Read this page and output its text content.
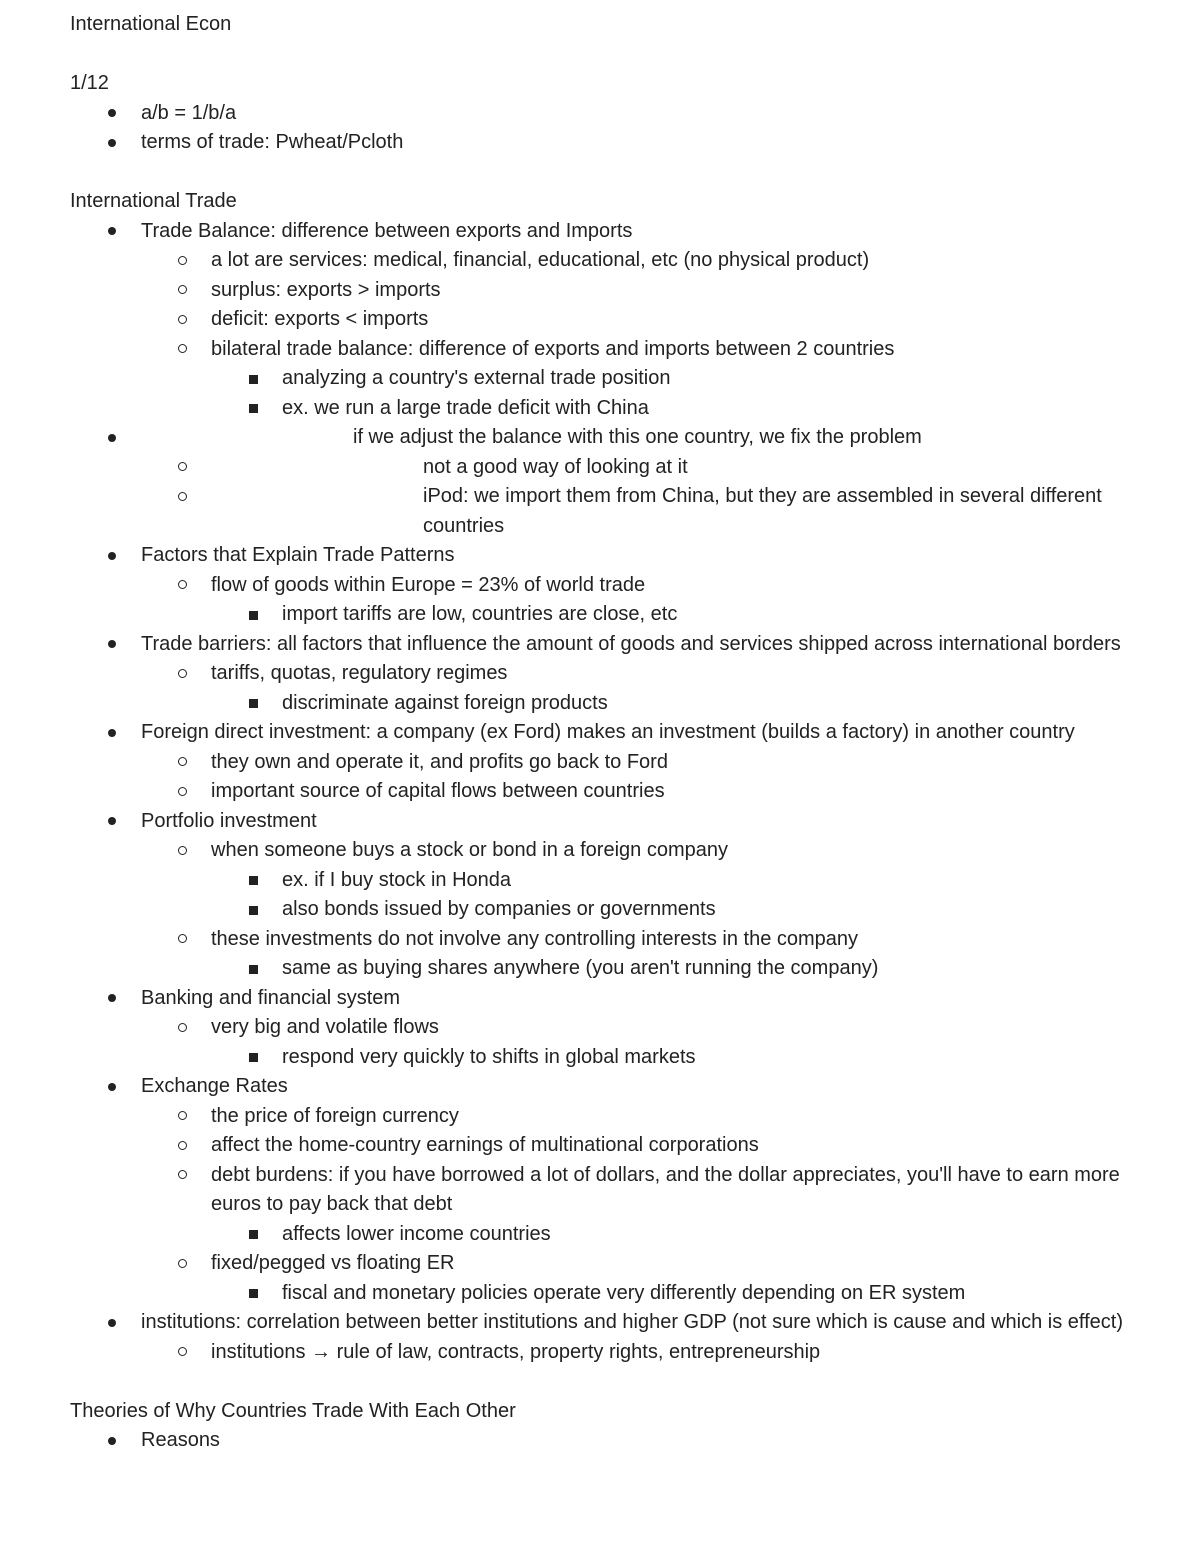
International Econ
1/12
a/b = 1/b/a
terms of trade: Pwheat/Pcloth
International Trade
Trade Balance: difference between exports and Imports
a lot are services: medical, financial, educational, etc (no physical product)
surplus: exports > imports
deficit: exports < imports
bilateral trade balance: difference of exports and imports between 2 countries
analyzing a country's external trade position
ex. we run a large trade deficit with China
if we adjust the balance with this one country, we fix the problem
not a good way of looking at it
iPod: we import them from China, but they are assembled in several different countries
Factors that Explain Trade Patterns
flow of goods within Europe = 23% of world trade
import tariffs are low, countries are close, etc
Trade barriers: all factors that influence the amount of goods and services shipped across international borders
tariffs, quotas, regulatory regimes
discriminate against foreign products
Foreign direct investment: a company (ex Ford) makes an investment (builds a factory) in another country
they own and operate it, and profits go back to Ford
important source of capital flows between countries
Portfolio investment
when someone buys a stock or bond in a foreign company
ex. if I buy stock in Honda
also bonds issued by companies or governments
these investments do not involve any controlling interests in the company
same as buying shares anywhere (you aren't running the company)
Banking and financial system
very big and volatile flows
respond very quickly to shifts in global markets
Exchange Rates
the price of foreign currency
affect the home-country earnings of multinational corporations
debt burdens: if you have borrowed a lot of dollars, and the dollar appreciates, you'll have to earn more euros to pay back that debt
affects lower income countries
fixed/pegged vs floating ER
fiscal and monetary policies operate very differently depending on ER system
institutions: correlation between better institutions and higher GDP (not sure which is cause and which is effect)
institutions → rule of law, contracts, property rights, entrepreneurship
Theories of Why Countries Trade With Each Other
Reasons
